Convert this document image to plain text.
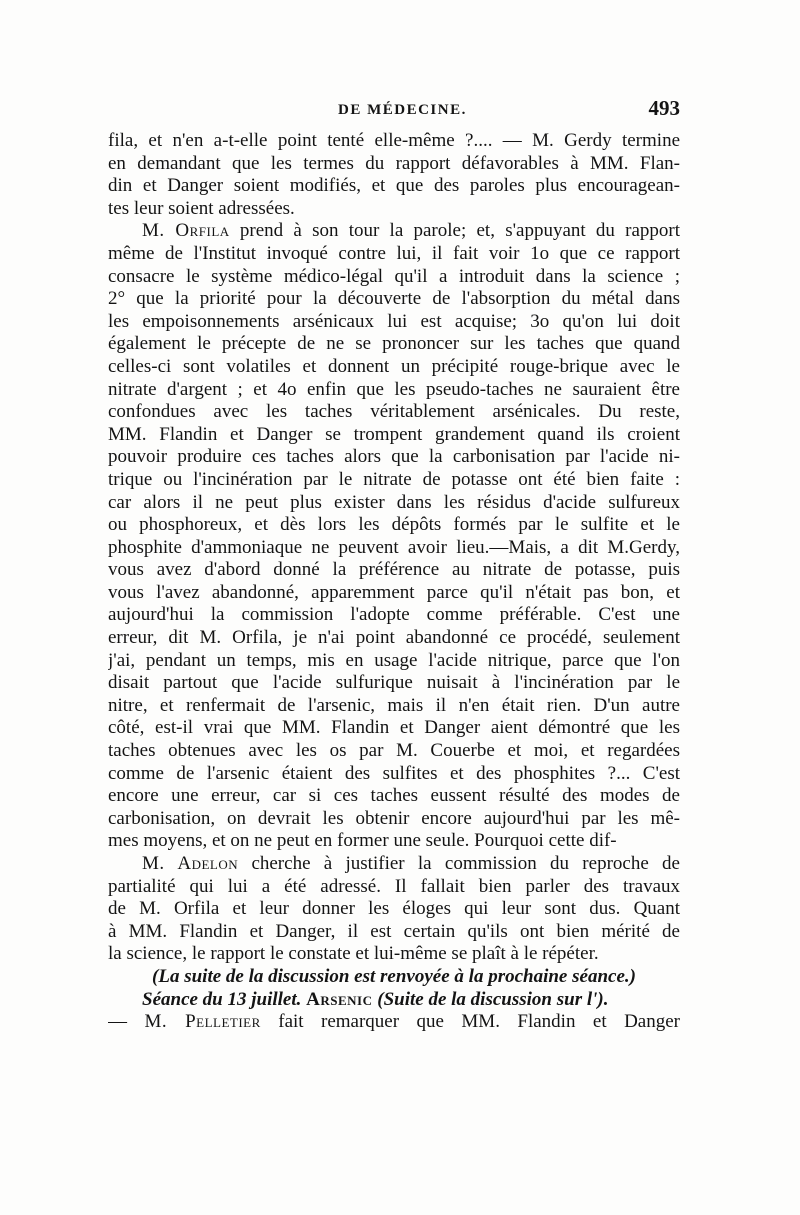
DE MÉDECINE.	493
fila, et n'en a-t-elle point tenté elle-même ?.... — M. Gerdy termine
en demandant que les termes du rapport défavorables à MM. Flan-
din et Danger soient modifiés, et que des paroles plus encouragean-
tes leur soient adressées.
M. Orfila prend à son tour la parole; et, s'appuyant du rapport
même de l'Institut invoqué contre lui, il fait voir 1o que ce rapport
consacre le système médico-légal qu'il a introduit dans la science ;
2° que la priorité pour la découverte de l'absorption du métal dans
les empoisonnements arsénicaux lui est acquise; 3o qu'on lui doit
également le précepte de ne se prononcer sur les taches que quand
celles-ci sont volatiles et donnent un précipité rouge-brique avec le
nitrate d'argent ; et 4o enfin que les pseudo-taches ne sauraient être
confondues avec les taches véritablement arsénicales. Du reste,
MM. Flandin et Danger se trompent grandement quand ils croient
pouvoir produire ces taches alors que la carbonisation par l'acide ni-
trique ou l'incinération par le nitrate de potasse ont été bien faite :
car alors il ne peut plus exister dans les résidus d'acide sulfureux
ou phosphoreux, et dès lors les dépôts formés par le sulfite et le
phosphite d'ammoniaque ne peuvent avoir lieu.—Mais, a dit M.Gerdy,
vous avez d'abord donné la préférence au nitrate de potasse, puis
vous l'avez abandonné, apparemment parce qu'il n'était pas bon, et
aujourd'hui la commission l'adopte comme préférable. C'est une
erreur, dit M. Orfila, je n'ai point abandonné ce procédé, seulement
j'ai, pendant un temps, mis en usage l'acide nitrique, parce que l'on
disait partout que l'acide sulfurique nuisait à l'incinération par le
nitre, et renfermait de l'arsenic, mais il n'en était rien. D'un autre
côté, est-il vrai que MM. Flandin et Danger aient démontré que les
taches obtenues avec les os par M. Couerbe et moi, et regardées
comme de l'arsenic étaient des sulfites et des phosphites ?... C'est
encore une erreur, car si ces taches eussent résulté des modes de
carbonisation, on devrait les obtenir encore aujourd'hui par les mê-
mes moyens, et on ne peut en former une seule. Pourquoi cette dif-
M. Adelon cherche à justifier la commission du reproche de
partialité qui lui a été adressé. Il fallait bien parler des travaux
de M. Orfila et leur donner les éloges qui leur sont dus. Quant
à MM. Flandin et Danger, il est certain qu'ils ont bien mérité de
la science, le rapport le constate et lui-même se plaît à le répéter.
(La suite de la discussion est renvoyée à la prochaine séance.)
Séance du 13 juillet. Arsenic (Suite de la discussion sur l').
— M. Pelletier fait remarquer que MM. Flandin et Danger
